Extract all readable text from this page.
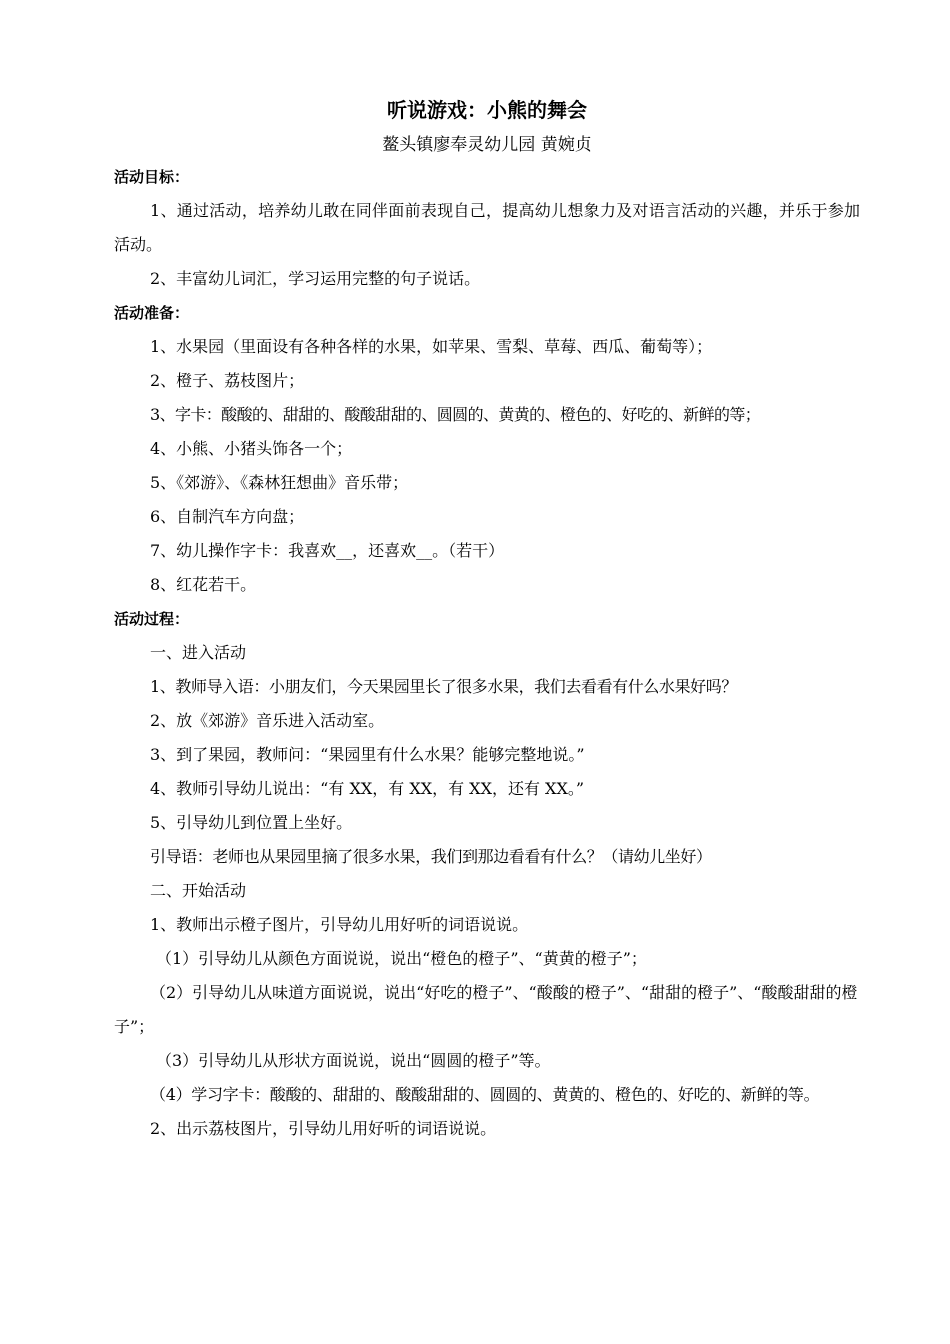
听说游戏：小熊的舞会

鳌头镇廖奉灵幼儿园 黄婉贞

活动目标：

1、通过活动，培养幼儿敢在同伴面前表现自己，提高幼儿想象力及对语言活动的兴趣，并乐于参加活动。

2、丰富幼儿词汇，学习运用完整的句子说话。

活动准备：

1、水果园（里面设有各种各样的水果，如苹果、雪梨、草莓、西瓜、葡萄等）；

2、橙子、荔枝图片；

3、字卡：酸酸的、甜甜的、酸酸甜甜的、圆圆的、黄黄的、橙色的、好吃的、新鲜的等；

4、小熊、小猪头饰各一个；

5、《郊游》、《森林狂想曲》音乐带；

6、自制汽车方向盘；

7、幼儿操作字卡：我喜欢__，还喜欢__。（若干）

8、红花若干。

活动过程：

一、进入活动

1、教师导入语：小朋友们，今天果园里长了很多水果，我们去看看有什么水果好吗？

2、放《郊游》音乐进入活动室。

3、到了果园，教师问：“果园里有什么水果？能够完整地说。”

4、教师引导幼儿说出：“有 XX，有 XX，有 XX，还有 XX。”

5、引导幼儿到位置上坐好。

引导语：老师也从果园里摘了很多水果，我们到那边看看有什么？（请幼儿坐好）

二、开始活动

1、教师出示橙子图片，引导幼儿用好听的词语说说。

（1）引导幼儿从颜色方面说说，说出“橙色的橙子”、“黄黄的橙子”；

（2）引导幼儿从味道方面说说，说出“好吃的橙子”、“酸酸的橙子”、“甜甜的橙子”、“酸酸甜甜的橙子”；

（3）引导幼儿从形状方面说说，说出“圆圆的橙子”等。

（4）学习字卡：酸酸的、甜甜的、酸酸甜甜的、圆圆的、黄黄的、橙色的、好吃的、新鲜的等。

2、出示荔枝图片，引导幼儿用好听的词语说说。
